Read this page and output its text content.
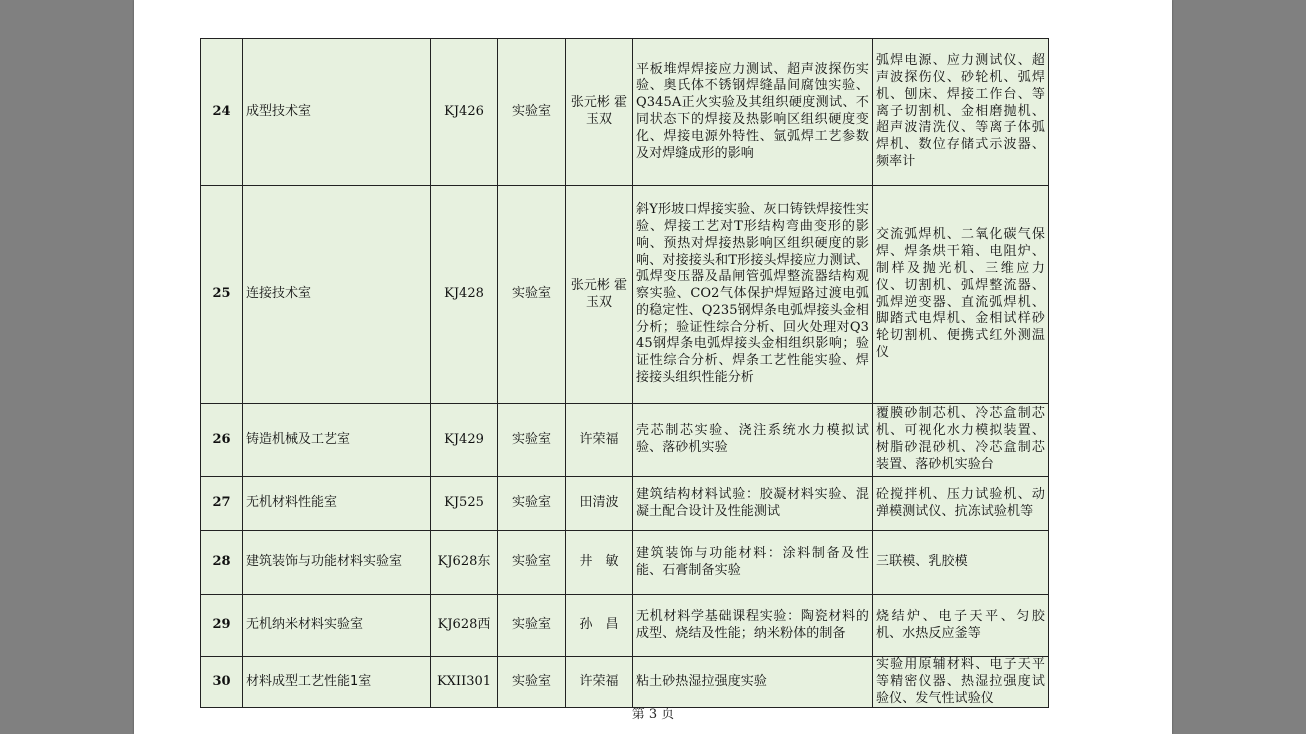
24	成型技术室	KJ426	实验室	张元彬 霍玉双	平板堆焊焊接应力测试、超声波探伤实验、奥氏体不锈钢焊缝晶间腐蚀实验、Q345A正火实验及其组织硬度测试、不同状态下的焊接及热影响区组织硬度变化、焊接电源外特性、氩弧焊工艺参数及对焊缝成形的影响	弧焊电源、应力测试仪、超声波探伤仪、砂轮机、弧焊机、刨床、焊接工作台、等离子切割机、金相磨抛机、超声波清洗仪、等离子体弧焊机、数位存储式示波器、频率计
25	连接技术室	KJ428	实验室	张元彬 霍玉双	斜Y形坡口焊接实验、灰口铸铁焊接性实验、焊接工艺对T形结构弯曲变形的影响、预热对焊接热影响区组织硬度的影响、对接接头和T形接头焊接应力测试、弧焊变压器及晶闸管弧焊整流器结构观察实验、CO2气体保护焊短路过渡电弧的稳定性、Q235钢焊条电弧焊接头金相分析；验证性综合分析、回火处理对Q345钢焊条电弧焊接头金相组织影响；验证性综合分析、焊条工艺性能实验、焊接接头组织性能分析	交流弧焊机、二氧化碳气保焊、焊条烘干箱、电阻炉、制样及抛光机、三维应力仪、切割机、弧焊整流器、弧焊逆变器、直流弧焊机、脚踏式电焊机、金相试样砂轮切割机、便携式红外测温仪
26	铸造机械及工艺室	KJ429	实验室	许荣福	壳芯制芯实验、浇注系统水力模拟试验、落砂机实验	覆膜砂制芯机、冷芯盒制芯机、可视化水力模拟装置、树脂砂混砂机、冷芯盒制芯装置、落砂机实验台
27	无机材料性能室	KJ525	实验室	田清波	建筑结构材料试验：胶凝材料实验、混凝土配合设计及性能测试	砼搅拌机、压力试验机、动弹模测试仪、抗冻试验机等
28	建筑装饰与功能材料实验室	KJ628东	实验室	井　敏	建筑装饰与功能材料：涂料制备及性能、石膏制备实验	三联模、乳胶模
29	无机纳米材料实验室	KJ628西	实验室	孙　昌	无机材料学基础课程实验：陶瓷材料的成型、烧结及性能；纳米粉体的制备	烧结炉、电子天平、匀胶机、水热反应釜等
30	材料成型工艺性能1室	KXII301	实验室	许荣福	粘土砂热湿拉强度实验	实验用原辅材料、电子天平等精密仪器、热湿拉强度试验仪、发气性试验仪
第 3 页
